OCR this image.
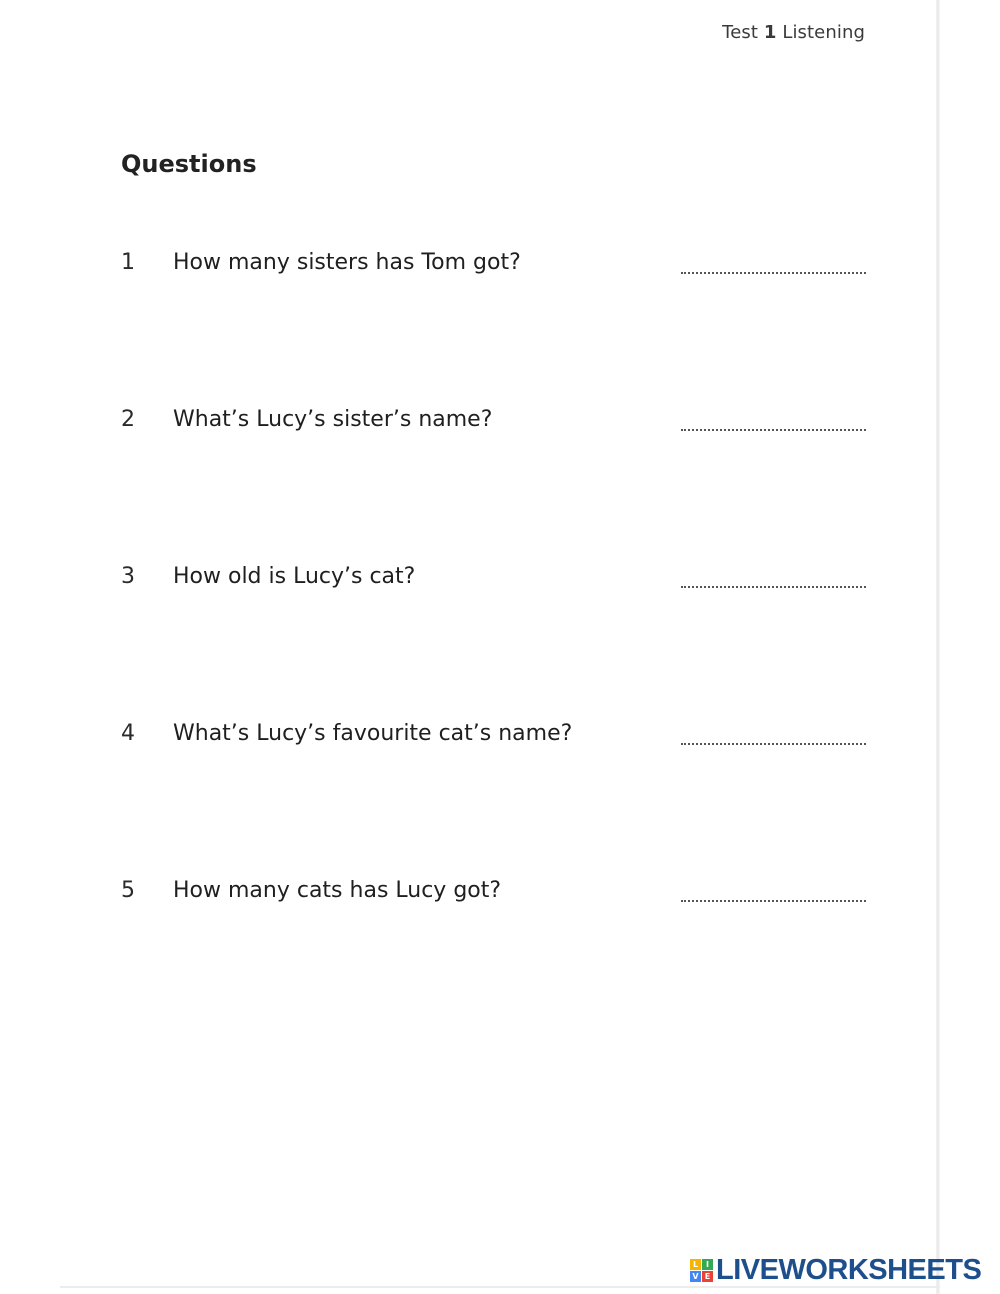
Test 1 Listening
Questions
1 How many sisters has Tom got?
2 What’s Lucy’s sister’s name?
3 How old is Lucy’s cat?
4 What’s Lucy’s favourite cat’s name?
5 How many cats has Lucy got?
L I
V E LIVEWORKSHEETS
